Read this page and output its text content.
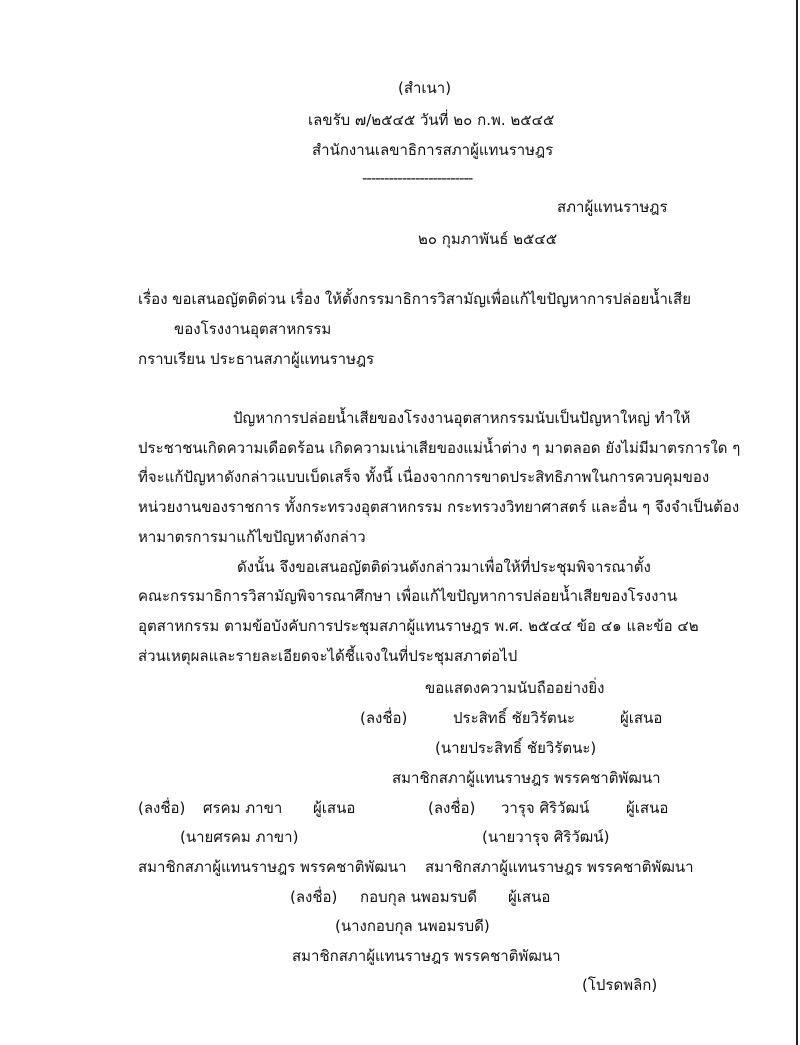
(สำเนา)
เลขรับ ๗/๒๕๔๕ วันที่ ๒๐ ก.พ. ๒๕๔๕
สำนักงานเลขาธิการสภาผู้แทนราษฎร
-------------------------
สภาผู้แทนราษฎร
๒๐ กุมภาพันธ์ ๒๕๔๕
เรื่อง ขอเสนอญัตติด่วน เรื่อง ให้ตั้งกรรมาธิการวิสามัญเพื่อแก้ไขปัญหาการปล่อยน้ำเสีย
ของโรงงานอุตสาหกรรม
กราบเรียน ประธานสภาผู้แทนราษฎร
ปัญหาการปล่อยน้ำเสียของโรงงานอุตสาหกรรมนับเป็นปัญหาใหญ่ ทำให้
ประชาชนเกิดความเดือดร้อน เกิดความเน่าเสียของแม่น้ำต่าง ๆ มาตลอด ยังไม่มีมาตรการใด ๆ
ที่จะแก้ปัญหาดังกล่าวแบบเบ็ดเสร็จ ทั้งนี้ เนื่องจากการขาดประสิทธิภาพในการควบคุมของ
หน่วยงานของราชการ ทั้งกระทรวงอุตสาหกรรม กระทรวงวิทยาศาสตร์ และอื่น ๆ จึงจำเป็นต้อง
หามาตรการมาแก้ไขปัญหาดังกล่าว
ดังนั้น จึงขอเสนอญัตติด่วนดังกล่าวมาเพื่อให้ที่ประชุมพิจารณาตั้ง
คณะกรรมาธิการวิสามัญพิจารณาศึกษา เพื่อแก้ไขปัญหาการปล่อยน้ำเสียของโรงงาน
อุตสาหกรรม ตามข้อบังคับการประชุมสภาผู้แทนราษฎร พ.ศ. ๒๕๔๔ ข้อ ๔๑ และข้อ ๔๒
ส่วนเหตุผลและรายละเอียดจะได้ชี้แจงในที่ประชุมสภาต่อไป
ขอแสดงความนับถืออย่างยิ่ง
(ลงชื่อ)	ประสิทธิ์ ชัยวิรัตนะ	ผู้เสนอ
(นายประสิทธิ์ ชัยวิรัตนะ)
สมาชิกสภาผู้แทนราษฎร พรรคชาติพัฒนา
(ลงชื่อ) ศรคม ภาขา ผู้เสนอ	(ลงชื่อ) วารุจ ศิริวัฒน์ ผู้เสนอ
(นายศรคม ภาขา)	(นายวารุจ ศิริวัฒน์)
สมาชิกสภาผู้แทนราษฎร พรรคชาติพัฒนา สมาชิกสภาผู้แทนราษฎร พรรคชาติพัฒนา
(ลงชื่อ) กอบกุล นพอมรบดี ผู้เสนอ
(นางกอบกุล นพอมรบดี)
สมาชิกสภาผู้แทนราษฎร พรรคชาติพัฒนา
(โปรดพลิก)
